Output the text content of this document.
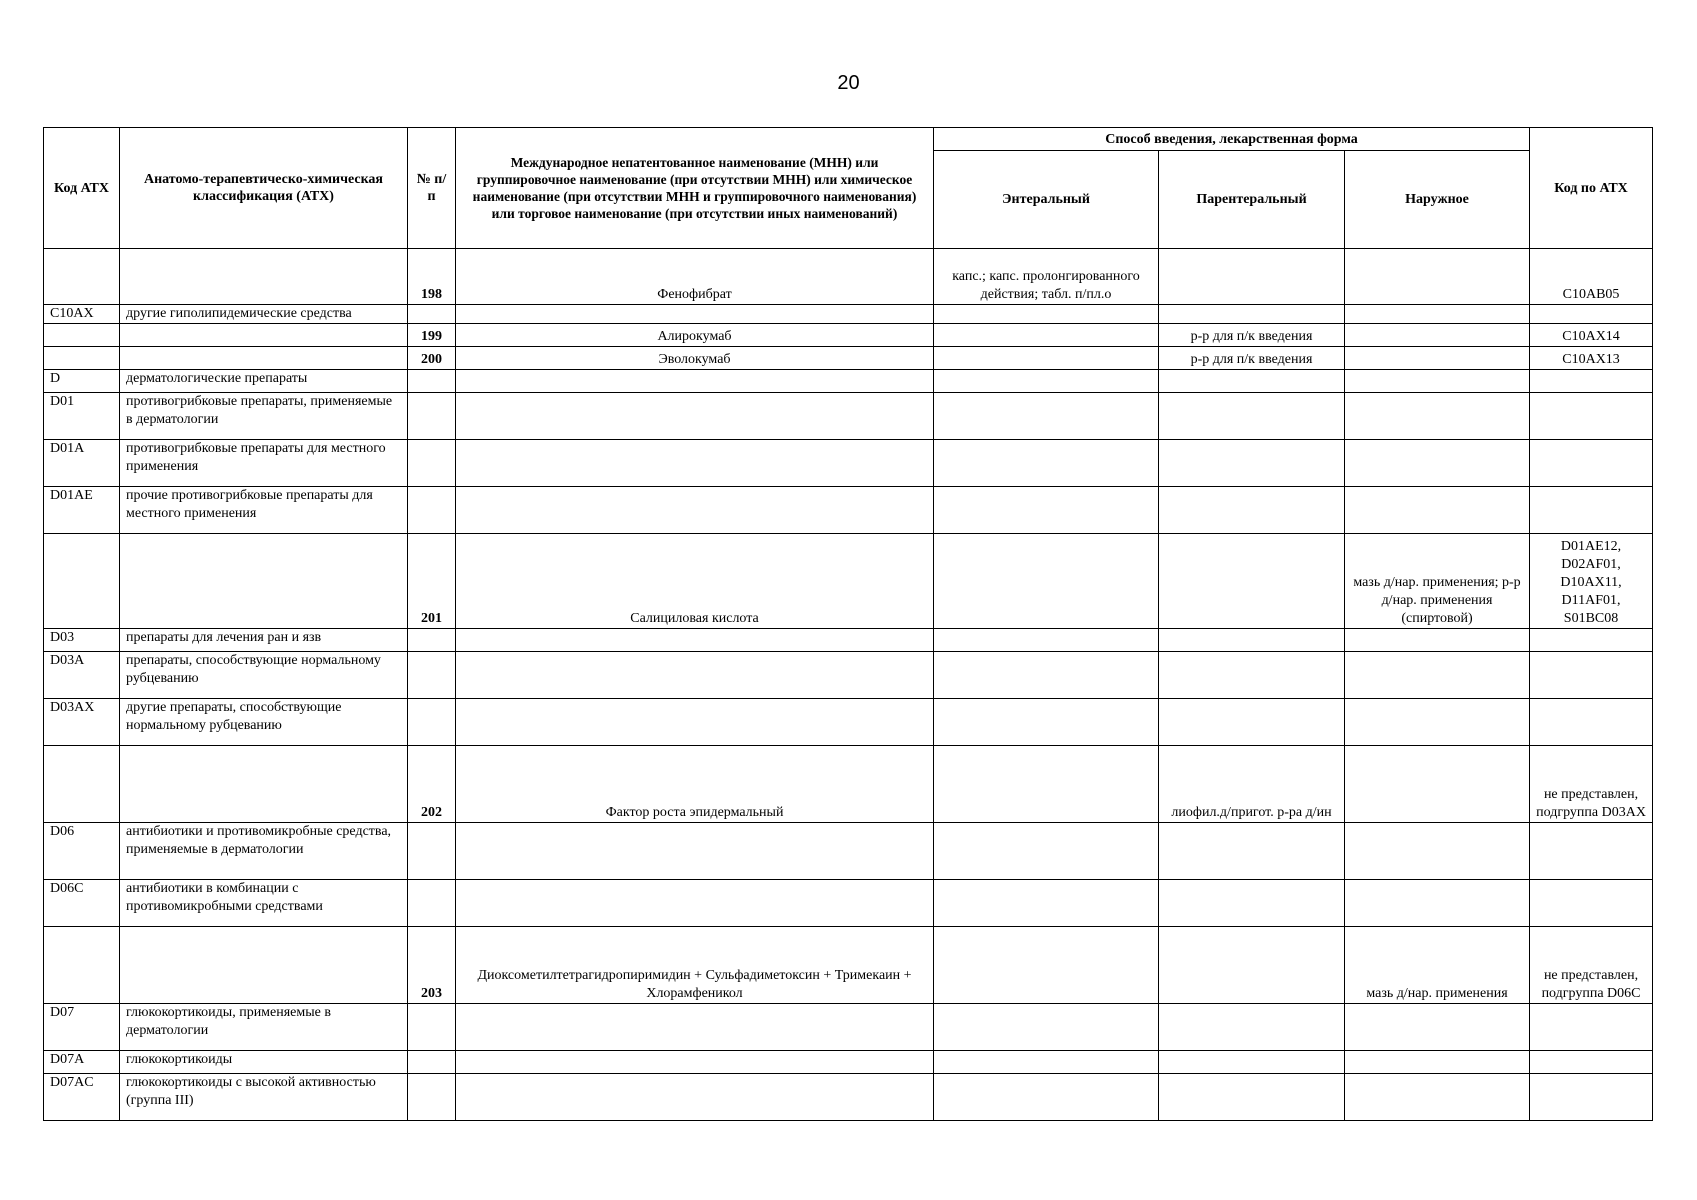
20
Код АТХ	Анатомо-терапевтическо-химическая классификация (АТХ)	№ п/п	Международное непатентованное наименование (МНН) или группировочное наименование (при отсутствии МНН) или химическое наименование (при отсутствии МНН и группировочного наименования) или торговое наименование (при отсутствии иных наименований)	Способ введения, лекарственная форма			Код по АТХ
				Энтеральный	Парентеральный	Наружное	
		198	Фенофибрат	капс.; капс. пролонгированного действия; табл. п/пл.о			C10AB05
C10AX	другие гиполипидемические средства						
		199	Алирокумаб		р-р для п/к введения		C10AX14
		200	Эволокумаб		р-р для п/к введения		C10AX13
D	дерматологические препараты						
D01	противогрибковые препараты, применяемые в дерматологии						
D01A	противогрибковые препараты для местного применения						
D01AE	прочие противогрибковые препараты для местного применения						
		201	Салициловая кислота			мазь д/нар. применения; р-р д/нар. применения (спиртовой)	D01AE12, D02AF01, D10AX11, D11AF01, S01BC08
D03	препараты для лечения ран и язв						
D03A	препараты, способствующие нормальному рубцеванию						
D03AX	другие препараты, способствующие нормальному рубцеванию						
		202	Фактор роста эпидермальный		лиофил.д/пригот. р-ра д/ин		не представлен, подгруппа D03AX
D06	антибиотики и противомикробные средства, применяемые в дерматологии						
D06C	антибиотики в комбинации с противомикробными средствами						
		203	Диоксометилтетрагидропиримидин + Сульфадиметоксин + Тримекаин + Хлорамфеникол			мазь д/нар. применения	не представлен, подгруппа D06C
D07	глюкокортикоиды, применяемые в дерматологии						
D07A	глюкокортикоиды						
D07AC	глюкокортикоиды с высокой активностью (группа III)						
